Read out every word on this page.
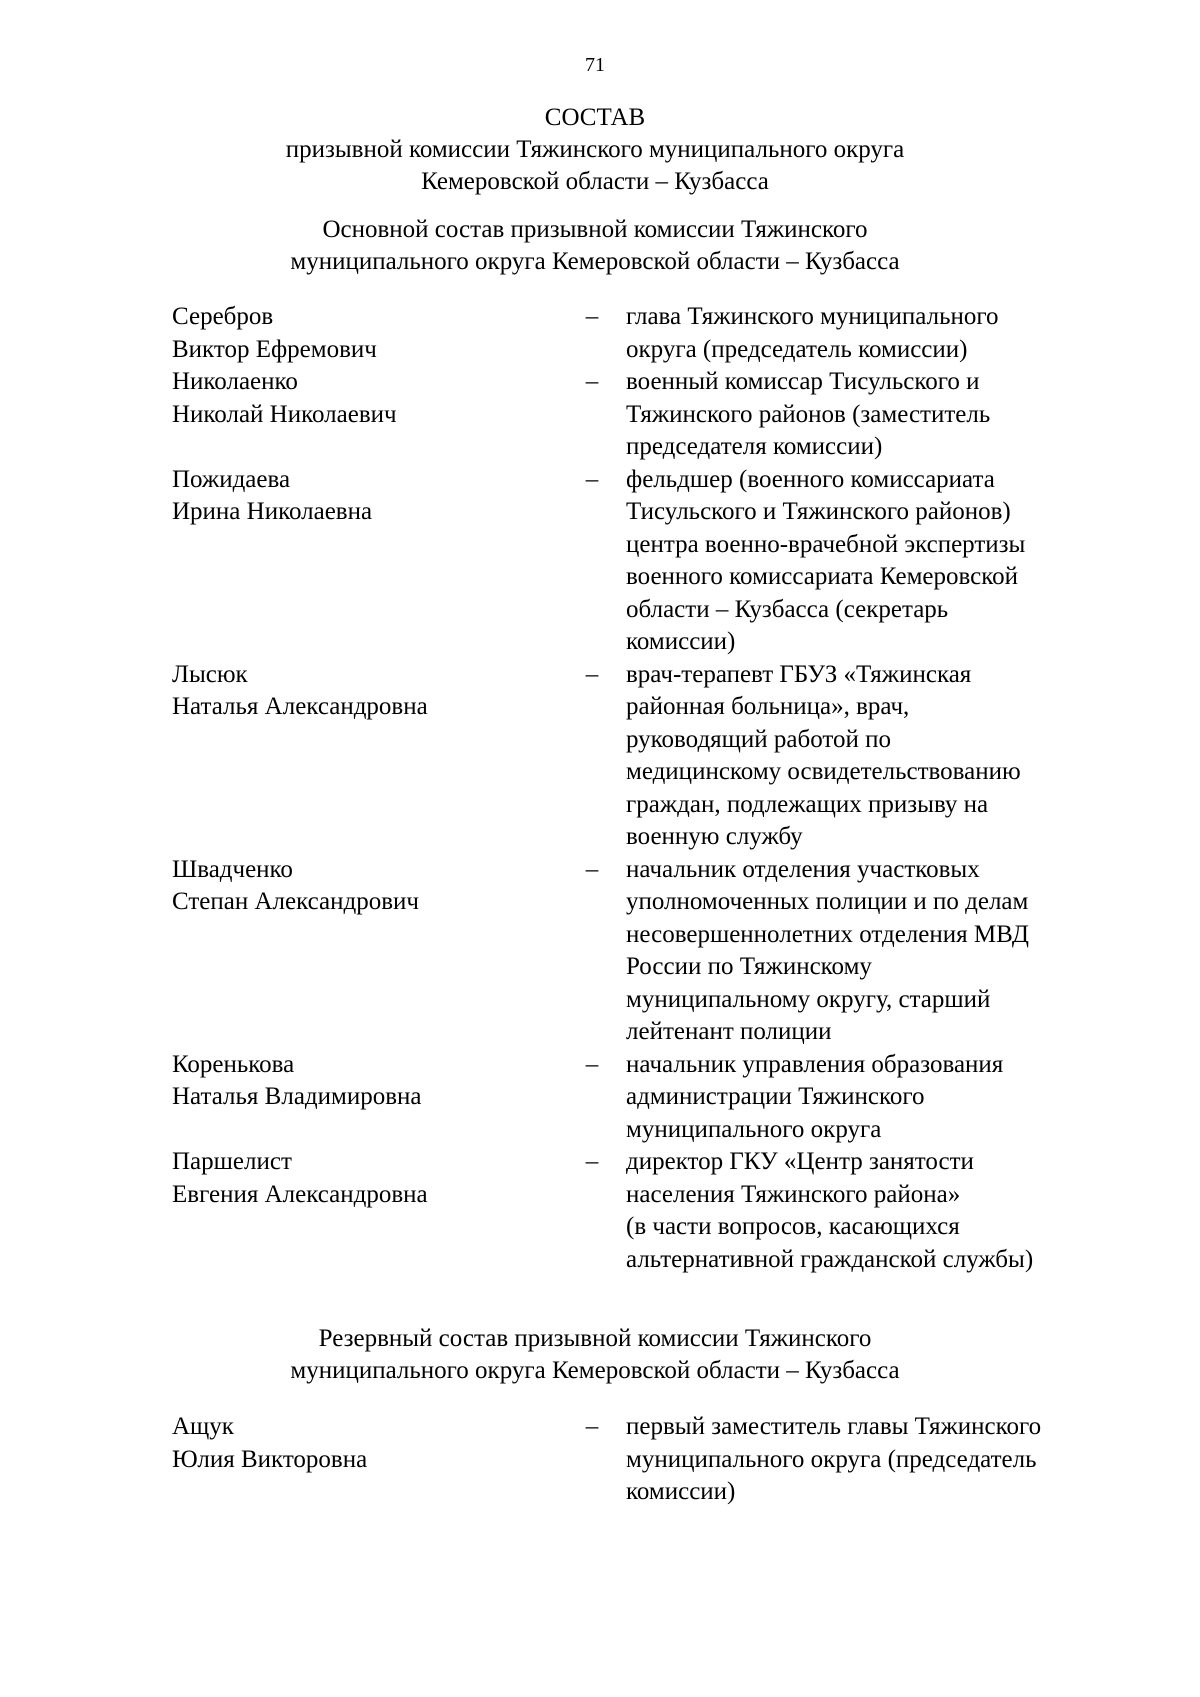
71
СОСТАВ
призывной комиссии Тяжинского муниципального округа
Кемеровской области – Кузбасса
Основной состав призывной комиссии Тяжинского
муниципального округа Кемеровской области – Кузбасса
Серебров
Виктор Ефремович
–	глава Тяжинского муниципального
округа (председатель комиссии)
Николаенко
Николай Николаевич
–	военный комиссар Тисульского и
Тяжинского районов (заместитель
председателя комиссии)
Пожидаева
Ирина Николаевна
–	фельдшер (военного комиссариата
Тисульского и Тяжинского районов)
центра военно-врачебной экспертизы
военного комиссариата Кемеровской
области – Кузбасса (секретарь
комиссии)
Лысюк
Наталья Александровна
–	врач-терапевт ГБУЗ «Тяжинская
районная больница», врач,
руководящий работой по
медицинскому освидетельствованию
граждан, подлежащих призыву на
военную службу
Швадченко
Степан Александрович
–	начальник отделения участковых
уполномоченных полиции и по делам
несовершеннолетних отделения МВД
России по Тяжинскому
муниципальному округу, старший
лейтенант полиции
Коренькова
Наталья Владимировна
–	начальник управления образования
администрации Тяжинского
муниципального округа
Паршелист
Евгения Александровна
–	директор ГКУ «Центр занятости
населения Тяжинского района»
(в части вопросов, касающихся
альтернативной гражданской службы)
Резервный состав призывной комиссии Тяжинского
муниципального округа Кемеровской области – Кузбасса
Ащук
Юлия Викторовна
–	первый заместитель главы Тяжинского
муниципального округа (председатель
комиссии)
